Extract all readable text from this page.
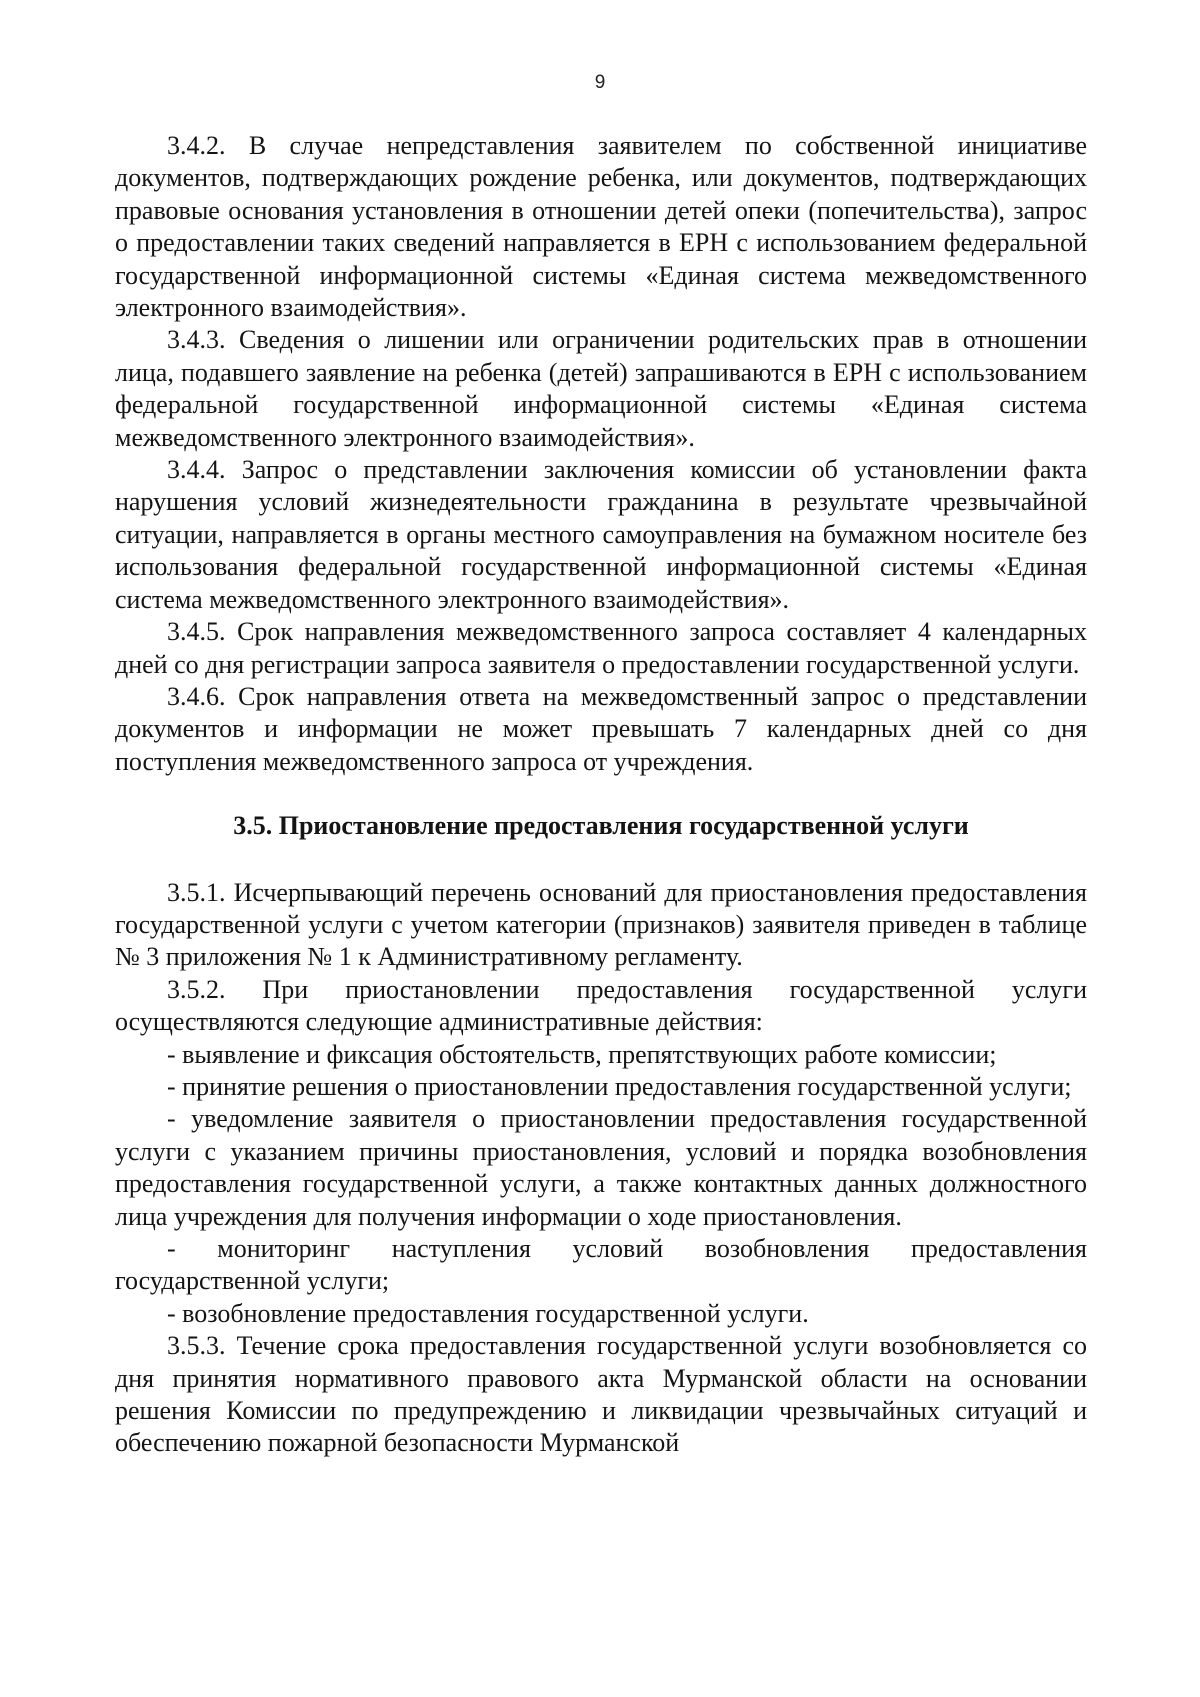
9

3.4.2. В случае непредставления заявителем по собственной инициативе документов, подтверждающих рождение ребенка, или документов, подтверждающих правовые основания установления в отношении детей опеки (попечительства), запрос о предоставлении таких сведений направляется в ЕРН с использованием федеральной государственной информационной системы «Единая система межведомственного электронного взаимодействия».

3.4.3. Сведения о лишении или ограничении родительских прав в отношении лица, подавшего заявление на ребенка (детей) запрашиваются в ЕРН с использованием федеральной государственной информационной системы «Единая система межведомственного электронного взаимодействия».

3.4.4. Запрос о представлении заключения комиссии об установлении факта нарушения условий жизнедеятельности гражданина в результате чрезвычайной ситуации, направляется в органы местного самоуправления на бумажном носителе без использования федеральной государственной информационной системы «Единая система межведомственного электронного взаимодействия».

3.4.5. Срок направления межведомственного запроса составляет 4 календарных дней со дня регистрации запроса заявителя о предоставлении государственной услуги.

3.4.6. Срок направления ответа на межведомственный запрос о представлении документов и информации не может превышать 7 календарных дней со дня поступления межведомственного запроса от учреждения.

3.5. Приостановление предоставления государственной услуги

3.5.1. Исчерпывающий перечень оснований для приостановления предоставления государственной услуги с учетом категории (признаков) заявителя приведен в таблице № 3 приложения № 1 к Административному регламенту.

3.5.2. При приостановлении предоставления государственной услуги осуществляются следующие административные действия:

- выявление и фиксация обстоятельств, препятствующих работе комиссии;

- принятие решения о приостановлении предоставления государственной услуги;

- уведомление заявителя о приостановлении предоставления государственной услуги с указанием причины приостановления, условий и порядка возобновления предоставления государственной услуги, а также контактных данных должностного лица учреждения для получения информации о ходе приостановления.

- мониторинг наступления условий возобновления предоставления государственной услуги;

- возобновление предоставления государственной услуги.

3.5.3. Течение срока предоставления государственной услуги возобновляется со дня принятия нормативного правового акта Мурманской области на основании решения Комиссии по предупреждению и ликвидации чрезвычайных ситуаций и обеспечению пожарной безопасности Мурманской
